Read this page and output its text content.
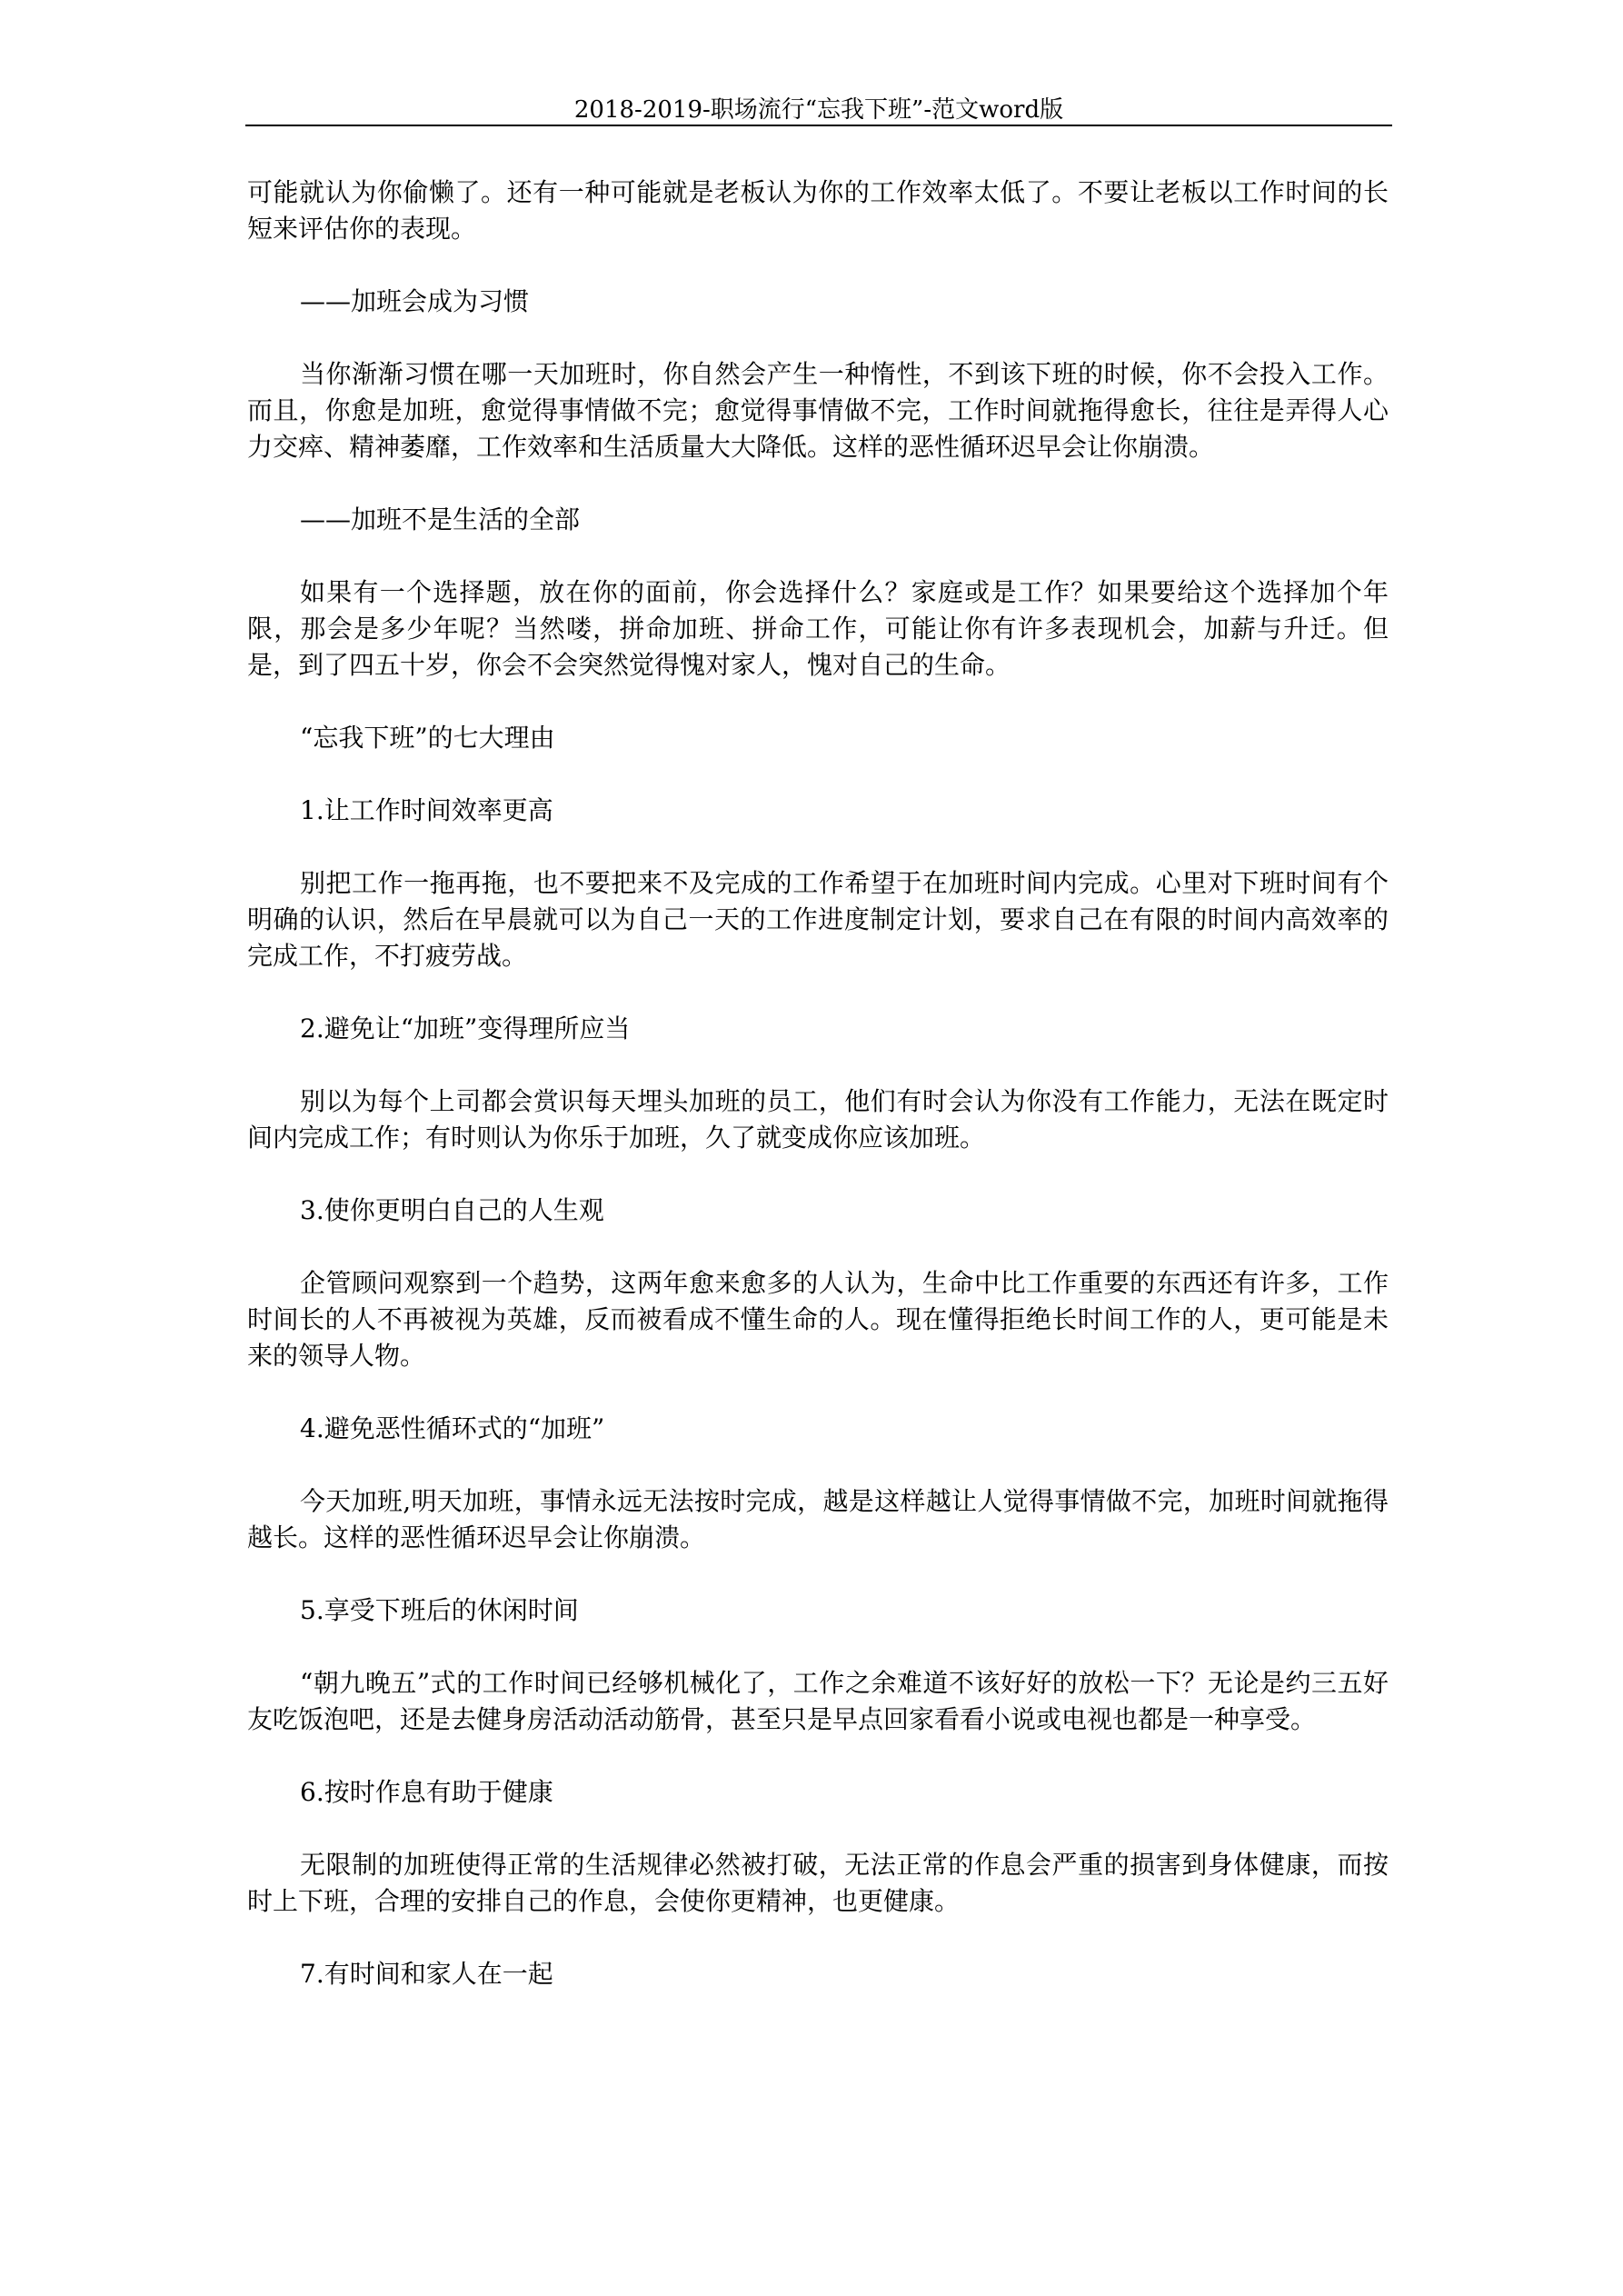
2018-2019-职场流行“忘我下班”-范文word版

可能就认为你偷懒了。还有一种可能就是老板认为你的工作效率太低了。不要让老板以工作时间的长短来评估你的表现。

——加班会成为习惯

当你渐渐习惯在哪一天加班时，你自然会产生一种惰性，不到该下班的时候，你不会投入工作。而且，你愈是加班，愈觉得事情做不完；愈觉得事情做不完，工作时间就拖得愈长，往往是弄得人心力交瘁、精神萎靡，工作效率和生活质量大大降低。这样的恶性循环迟早会让你崩溃。

——加班不是生活的全部

如果有一个选择题，放在你的面前，你会选择什么？家庭或是工作？如果要给这个选择加个年限，那会是多少年呢？当然喽，拼命加班、拼命工作，可能让你有许多表现机会，加薪与升迁。但是，到了四五十岁，你会不会突然觉得愧对家人，愧对自己的生命。

“忘我下班”的七大理由

1.让工作时间效率更高

别把工作一拖再拖，也不要把来不及完成的工作希望于在加班时间内完成。心里对下班时间有个明确的认识，然后在早晨就可以为自己一天的工作进度制定计划，要求自己在有限的时间内高效率的完成工作，不打疲劳战。

2.避免让“加班”变得理所应当

别以为每个上司都会赏识每天埋头加班的员工，他们有时会认为你没有工作能力，无法在既定时间内完成工作；有时则认为你乐于加班，久了就变成你应该加班。

3.使你更明白自己的人生观

企管顾问观察到一个趋势，这两年愈来愈多的人认为，生命中比工作重要的东西还有许多，工作时间长的人不再被视为英雄，反而被看成不懂生命的人。现在懂得拒绝长时间工作的人，更可能是未来的领导人物。

4.避免恶性循环式的“加班”

今天加班,明天加班，事情永远无法按时完成，越是这样越让人觉得事情做不完，加班时间就拖得越长。这样的恶性循环迟早会让你崩溃。

5.享受下班后的休闲时间

“朝九晚五”式的工作时间已经够机械化了，工作之余难道不该好好的放松一下？无论是约三五好友吃饭泡吧，还是去健身房活动活动筋骨，甚至只是早点回家看看小说或电视也都是一种享受。

6.按时作息有助于健康

无限制的加班使得正常的生活规律必然被打破，无法正常的作息会严重的损害到身体健康，而按时上下班，合理的安排自己的作息，会使你更精神，也更健康。

7.有时间和家人在一起
